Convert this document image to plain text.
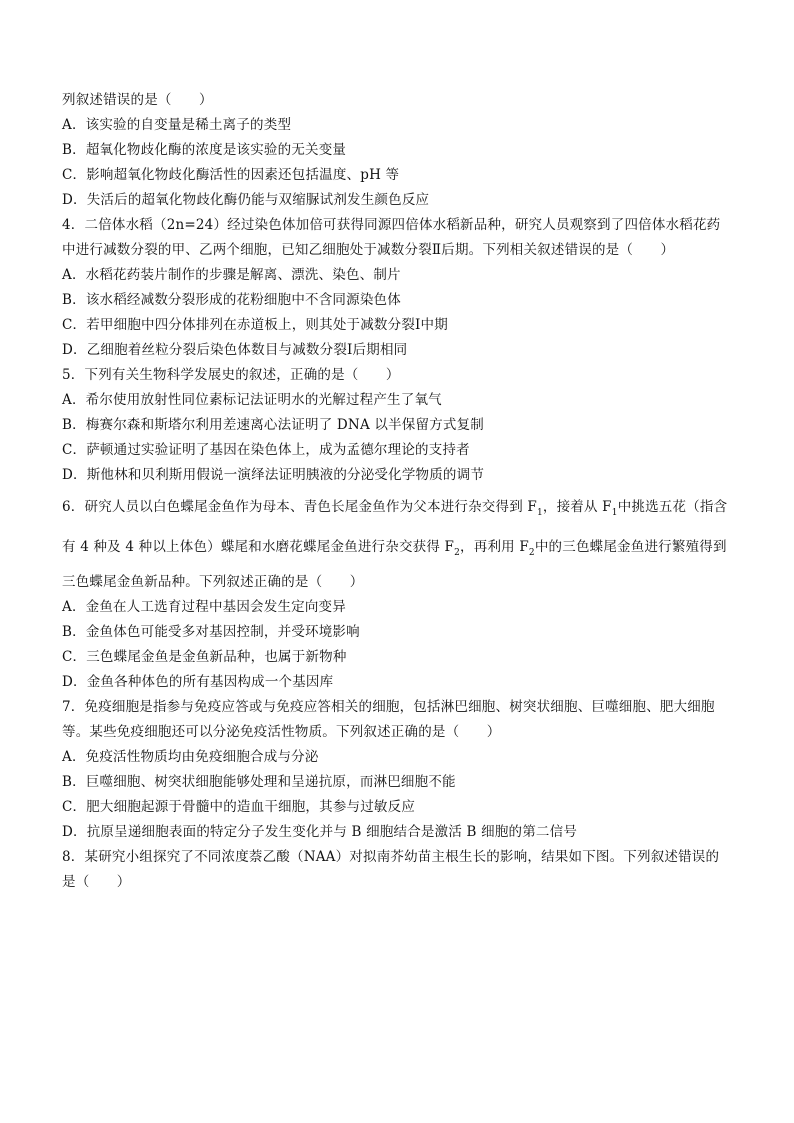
列叙述错误的是（　　）
A．该实验的自变量是稀土离子的类型
B．超氧化物歧化酶的浓度是该实验的无关变量
C．影响超氧化物歧化酶活性的因素还包括温度、pH 等
D．失活后的超氧化物歧化酶仍能与双缩脲试剂发生颜色反应
4．二倍体水稻（2n=24）经过染色体加倍可获得同源四倍体水稻新品种，研究人员观察到了四倍体水稻花药
中进行减数分裂的甲、乙两个细胞，已知乙细胞处于减数分裂Ⅱ后期。下列相关叙述错误的是（　　）
A．水稻花药装片制作的步骤是解离、漂洗、染色、制片
B．该水稻经减数分裂形成的花粉细胞中不含同源染色体
C．若甲细胞中四分体排列在赤道板上，则其处于减数分裂Ⅰ中期
D．乙细胞着丝粒分裂后染色体数目与减数分裂Ⅰ后期相同
5．下列有关生物科学发展史的叙述，正确的是（　　）
A．希尔使用放射性同位素标记法证明水的光解过程产生了氧气
B．梅赛尔森和斯塔尔利用差速离心法证明了 DNA 以半保留方式复制
C．萨顿通过实验证明了基因在染色体上，成为孟德尔理论的支持者
D．斯他林和贝利斯用假说一演绎法证明胰液的分泌受化学物质的调节
6．研究人员以白色蝶尾金鱼作为母本、青色长尾金鱼作为父本进行杂交得到 $F_1$，接着从 $F_1$中挑选五花（指含
有 4 种及 4 种以上体色）蝶尾和水磨花蝶尾金鱼进行杂交获得 $F_2$，再利用 $F_2$中的三色蝶尾金鱼进行繁殖得到
三色蝶尾金鱼新品种。下列叙述正确的是（　　）
A．金鱼在人工选育过程中基因会发生定向变异
B．金鱼体色可能受多对基因控制，并受环境影响
C．三色蝶尾金鱼是金鱼新品种，也属于新物种
D．金鱼各种体色的所有基因构成一个基因库
7．免疫细胞是指参与免疫应答或与免疫应答相关的细胞，包括淋巴细胞、树突状细胞、巨噬细胞、肥大细胞
等。某些免疫细胞还可以分泌免疫活性物质。下列叙述正确的是（　　）
A．免疫活性物质均由免疫细胞合成与分泌
B．巨噬细胞、树突状细胞能够处理和呈递抗原，而淋巴细胞不能
C．肥大细胞起源于骨髓中的造血干细胞，其参与过敏反应
D．抗原呈递细胞表面的特定分子发生变化并与 B 细胞结合是激活 B 细胞的第二信号
8．某研究小组探究了不同浓度萘乙酸（NAA）对拟南芥幼苗主根生长的影响，结果如下图。下列叙述错误的
是（　　）
